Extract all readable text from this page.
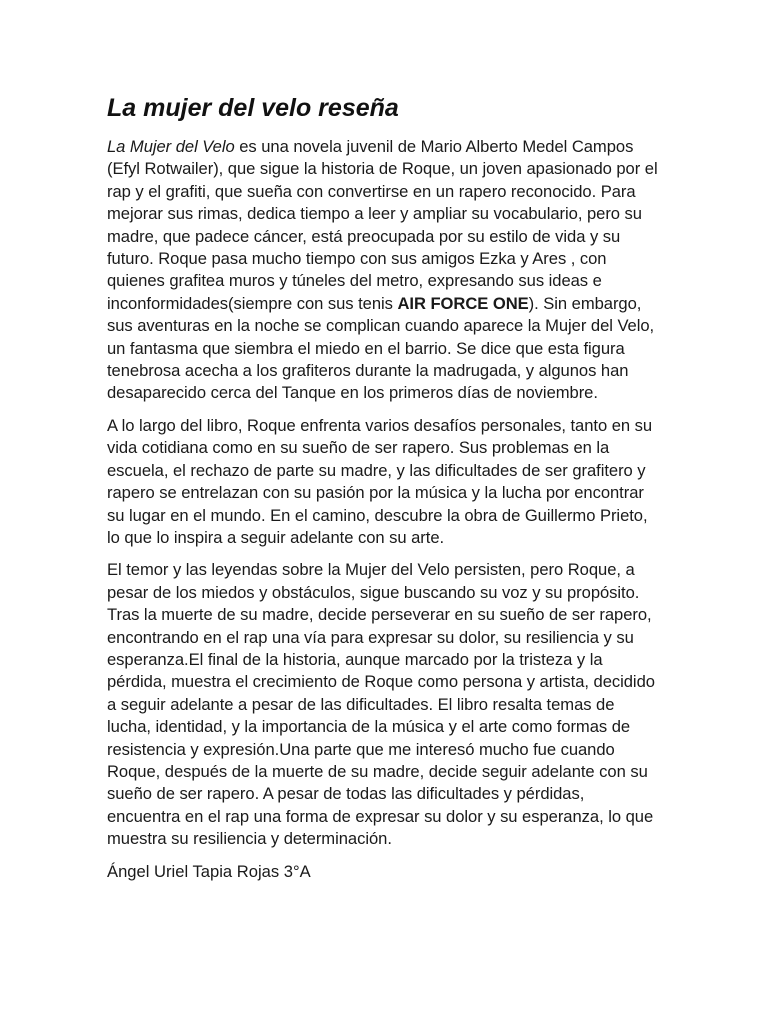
La mujer del velo reseña

La Mujer del Velo es una novela juvenil de Mario Alberto Medel Campos (Efyl Rotwailer), que sigue la historia de Roque, un joven apasionado por el rap y el grafiti, que sueña con convertirse en un rapero reconocido. Para mejorar sus rimas, dedica tiempo a leer y ampliar su vocabulario, pero su madre, que padece cáncer, está preocupada por su estilo de vida y su futuro. Roque pasa mucho tiempo con sus amigos Ezka y Ares , con quienes grafitea muros y túneles del metro, expresando sus ideas e inconformidades(siempre con sus tenis AIR FORCE ONE). Sin embargo, sus aventuras en la noche se complican cuando aparece la Mujer del Velo, un fantasma que siembra el miedo en el barrio. Se dice que esta figura tenebrosa acecha a los grafiteros durante la madrugada, y algunos han desaparecido cerca del Tanque en los primeros días de noviembre.

A lo largo del libro, Roque enfrenta varios desafíos personales, tanto en su vida cotidiana como en su sueño de ser rapero. Sus problemas en la escuela, el rechazo de parte su madre, y las dificultades de ser grafitero y rapero se entrelazan con su pasión por la música y la lucha por encontrar su lugar en el mundo. En el camino, descubre la obra de Guillermo Prieto, lo que lo inspira a seguir adelante con su arte.

El temor y las leyendas sobre la Mujer del Velo persisten, pero Roque, a pesar de los miedos y obstáculos, sigue buscando su voz y su propósito. Tras la muerte de su madre, decide perseverar en su sueño de ser rapero, encontrando en el rap una vía para expresar su dolor, su resiliencia y su esperanza.El final de la historia, aunque marcado por la tristeza y la pérdida, muestra el crecimiento de Roque como persona y artista, decidido a seguir adelante a pesar de las dificultades. El libro resalta temas de lucha, identidad, y la importancia de la música y el arte como formas de resistencia y expresión.Una parte que me interesó mucho fue cuando Roque, después de la muerte de su madre, decide seguir adelante con su sueño de ser rapero. A pesar de todas las dificultades y pérdidas, encuentra en el rap una forma de expresar su dolor y su esperanza, lo que muestra su resiliencia y determinación.

Ángel Uriel Tapia Rojas 3°A
